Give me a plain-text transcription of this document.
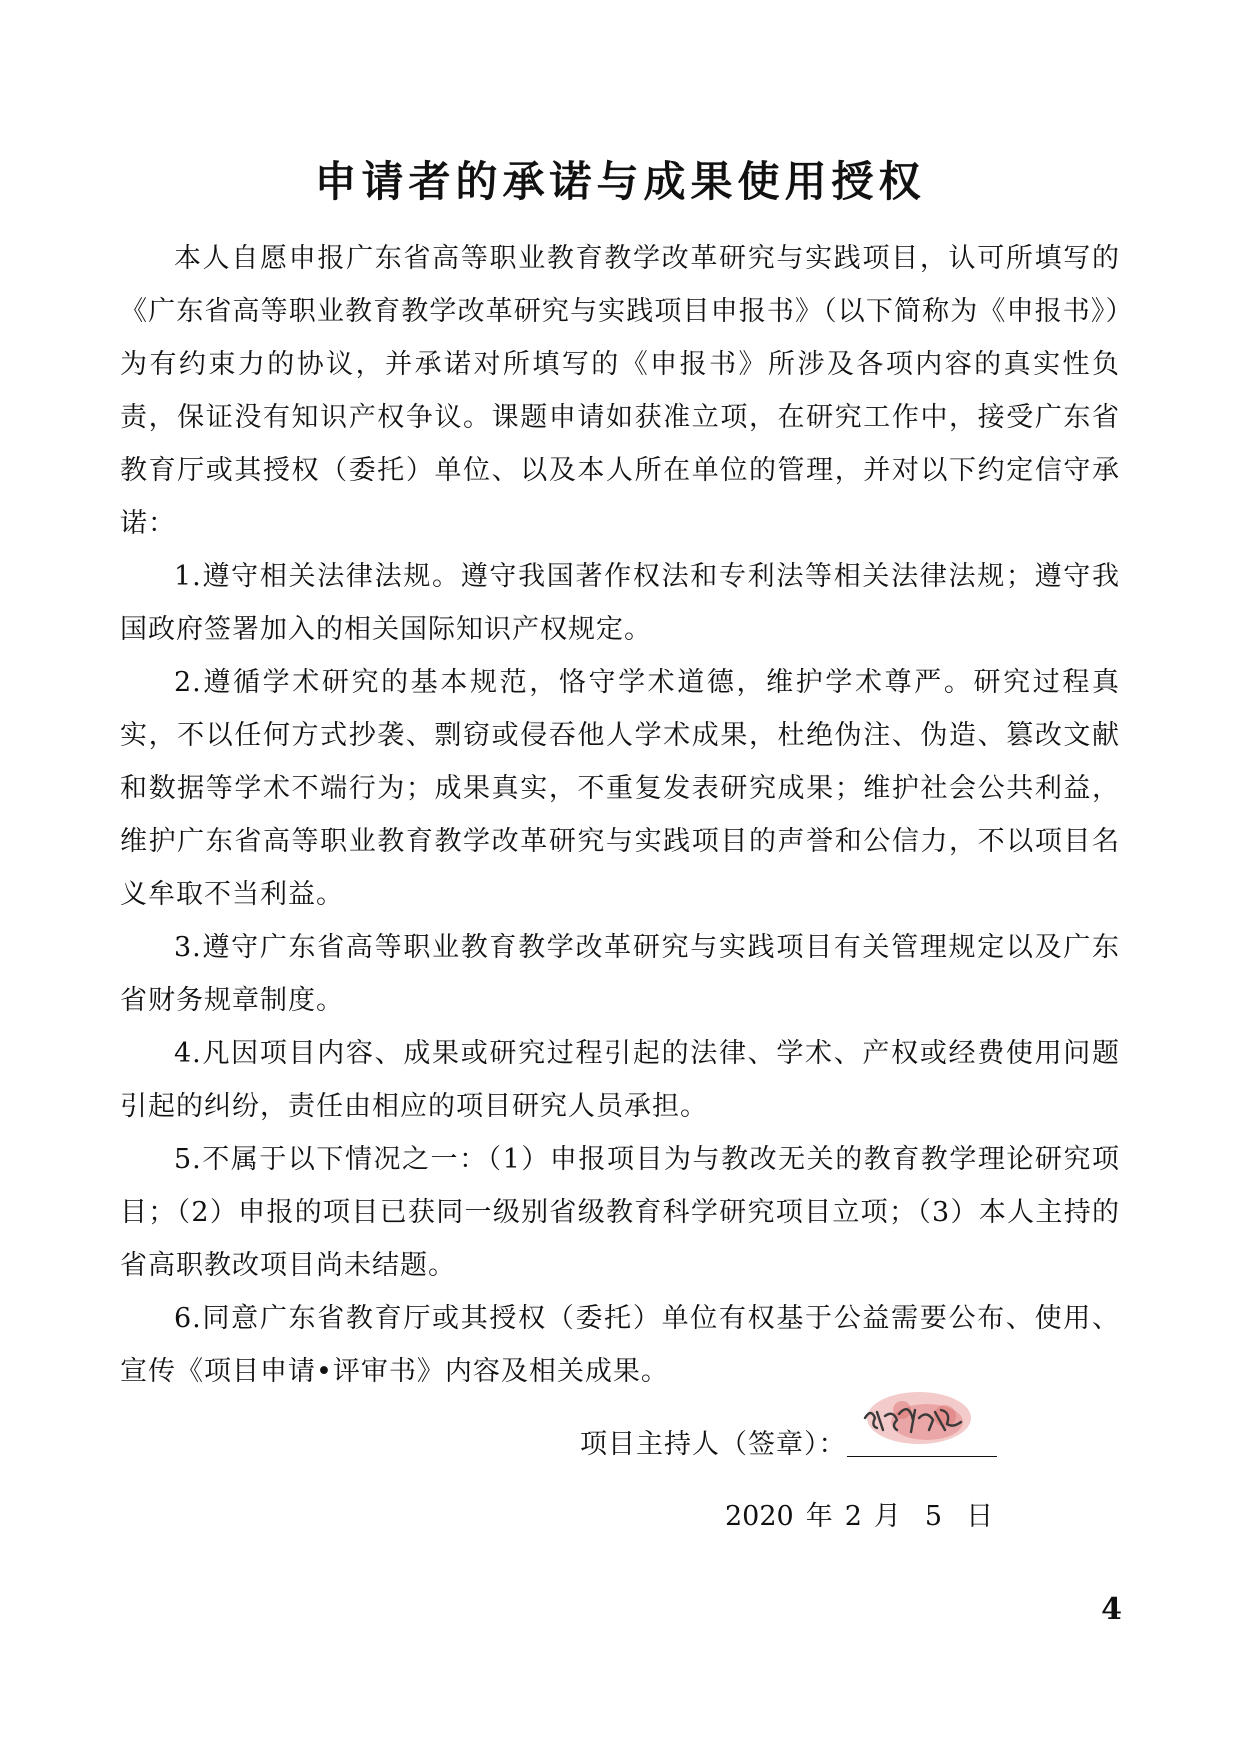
申请者的承诺与成果使用授权

本人自愿申报广东省高等职业教育教学改革研究与实践项目，认可所填写的《广东省高等职业教育教学改革研究与实践项目申报书》（以下简称为《申报书》）为有约束力的协议，并承诺对所填写的《申报书》所涉及各项内容的真实性负责，保证没有知识产权争议。课题申请如获准立项，在研究工作中，接受广东省教育厅或其授权（委托）单位、以及本人所在单位的管理，并对以下约定信守承诺：

1.遵守相关法律法规。遵守我国著作权法和专利法等相关法律法规；遵守我国政府签署加入的相关国际知识产权规定。

2.遵循学术研究的基本规范，恪守学术道德，维护学术尊严。研究过程真实，不以任何方式抄袭、剽窃或侵吞他人学术成果，杜绝伪注、伪造、篡改文献和数据等学术不端行为；成果真实，不重复发表研究成果；维护社会公共利益，维护广东省高等职业教育教学改革研究与实践项目的声誉和公信力，不以项目名义牟取不当利益。

3.遵守广东省高等职业教育教学改革研究与实践项目有关管理规定以及广东省财务规章制度。

4.凡因项目内容、成果或研究过程引起的法律、学术、产权或经费使用问题引起的纠纷，责任由相应的项目研究人员承担。

5.不属于以下情况之一：（1）申报项目为与教改无关的教育教学理论研究项目；（2）申报的项目已获同一级别省级教育科学研究项目立项；（3）本人主持的省高职教改项目尚未结题。

6.同意广东省教育厅或其授权（委托）单位有权基于公益需要公布、使用、宣传《项目申请•评审书》内容及相关成果。

项目主持人（签章）：
2020 年 2 月 5 日
4
